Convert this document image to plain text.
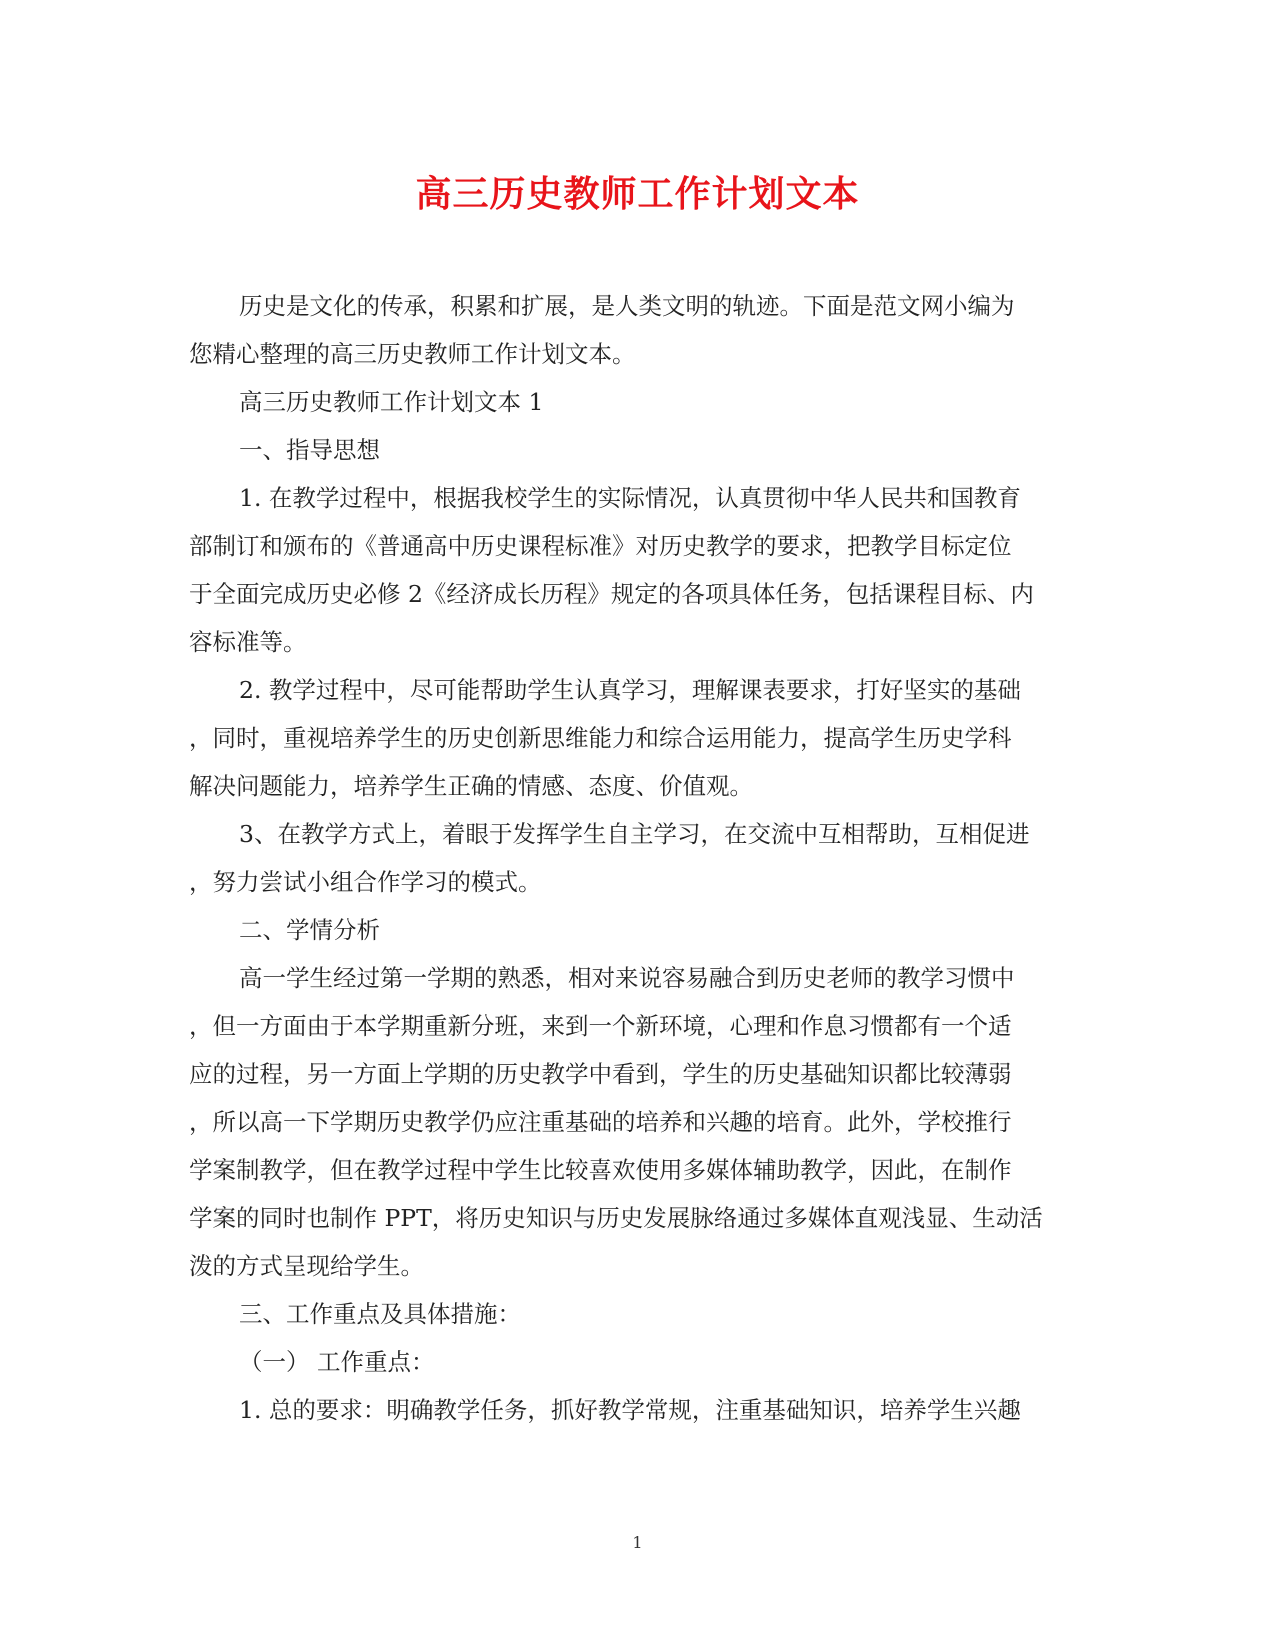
高三历史教师工作计划文本

历史是文化的传承，积累和扩展，是人类文明的轨迹。下面是范文网小编为
您精心整理的高三历史教师工作计划文本。

高三历史教师工作计划文本 1

一、指导思想

1. 在教学过程中，根据我校学生的实际情况，认真贯彻中华人民共和国教育
部制订和颁布的《普通高中历史课程标准》对历史教学的要求，把教学目标定位
于全面完成历史必修 2《经济成长历程》规定的各项具体任务，包括课程目标、内
容标准等。

2. 教学过程中，尽可能帮助学生认真学习，理解课表要求，打好坚实的基础
，同时，重视培养学生的历史创新思维能力和综合运用能力，提高学生历史学科
解决问题能力，培养学生正确的情感、态度、价值观。

3、在教学方式上，着眼于发挥学生自主学习，在交流中互相帮助，互相促进
，努力尝试小组合作学习的模式。

二、学情分析

高一学生经过第一学期的熟悉，相对来说容易融合到历史老师的教学习惯中
，但一方面由于本学期重新分班，来到一个新环境，心理和作息习惯都有一个适
应的过程，另一方面上学期的历史教学中看到，学生的历史基础知识都比较薄弱
，所以高一下学期历史教学仍应注重基础的培养和兴趣的培育。此外，学校推行
学案制教学，但在教学过程中学生比较喜欢使用多媒体辅助教学，因此，在制作
学案的同时也制作 PPT，将历史知识与历史发展脉络通过多媒体直观浅显、生动活
泼的方式呈现给学生。

三、工作重点及具体措施：

（一） 工作重点：

1. 总的要求：明确教学任务，抓好教学常规，注重基础知识，培养学生兴趣

1
